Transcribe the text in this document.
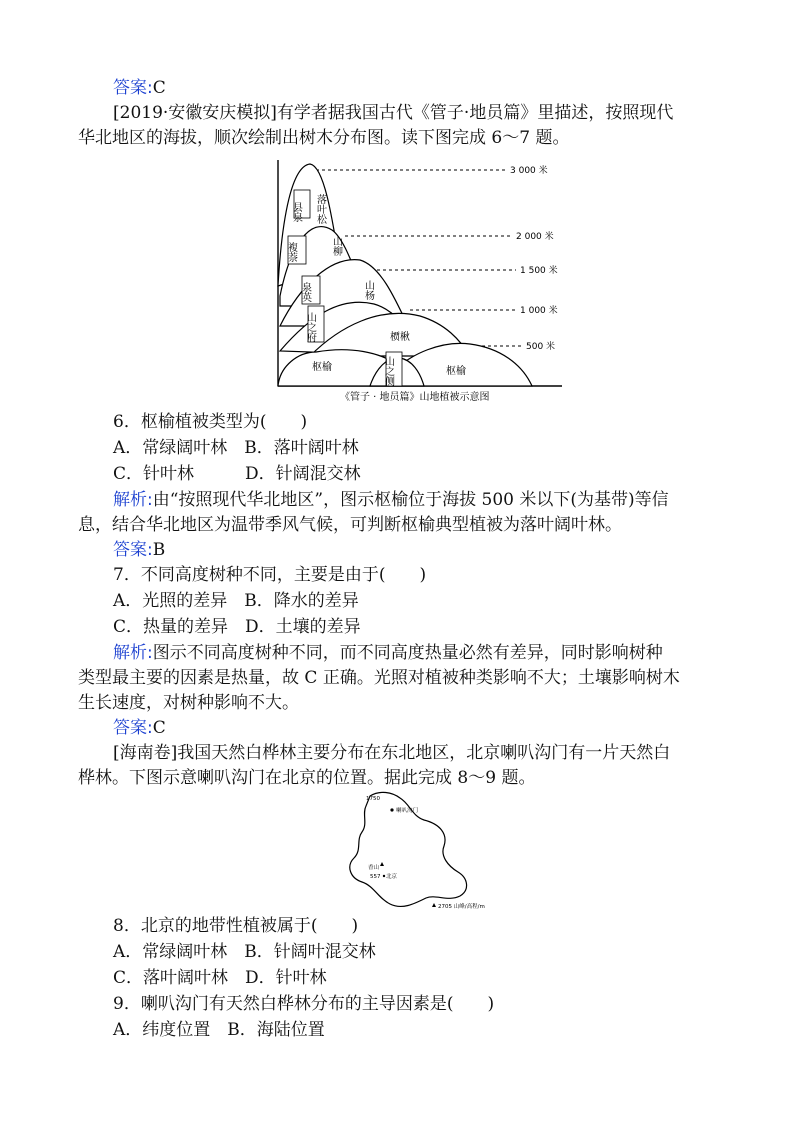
答案:C
[2019·安徽安庆模拟]有学者据我国古代《管子·地员篇》里描述，按照现代
华北地区的海拔，顺次绘制出树木分布图。读下图完成 6～7 题。
3 000 米
2 000 米
1 500 米
1 000 米
500 米
县泉 落叶松
複萘	山柳
泉英	山杨
山之府	槚楸
山之侧
枢榆	枢榆
《管子 · 地员篇》山地植被示意图
6．枢榆植被类型为(　　)
A．常绿阔叶林　B．落叶阔叶林
C．针叶林　　　D．针阔混交林
解析:由“按照现代华北地区”，图示枢榆位于海拔 500 米以下(为基带)等信
息，结合华北地区为温带季风气候，可判断枢榆典型植被为落叶阔叶林。
答案:B
7．不同高度树种不同，主要是由于(　　)
A．光照的差异　B．降水的差异
C．热量的差异　D．土壤的差异
解析:图示不同高度树种不同，而不同高度热量必然有差异，同时影响树种
类型最主要的因素是热量，故 C 正确。光照对植被种类影响不大；土壤影响树木
生长速度，对树种影响不大。
答案:C
[海南卷]我国天然白桦林主要分布在东北地区，北京喇叭沟门有一片天然白
桦林。下图示意喇叭沟门在北京的位置。据此完成 8～9 题。
1750
喇叭沟门
香山
557 北京
2705 山峰/高程/m
8．北京的地带性植被属于(　　)
A．常绿阔叶林　B．针阔叶混交林
C．落叶阔叶林　D．针叶林
9．喇叭沟门有天然白桦林分布的主导因素是(　　)
A．纬度位置　B．海陆位置
